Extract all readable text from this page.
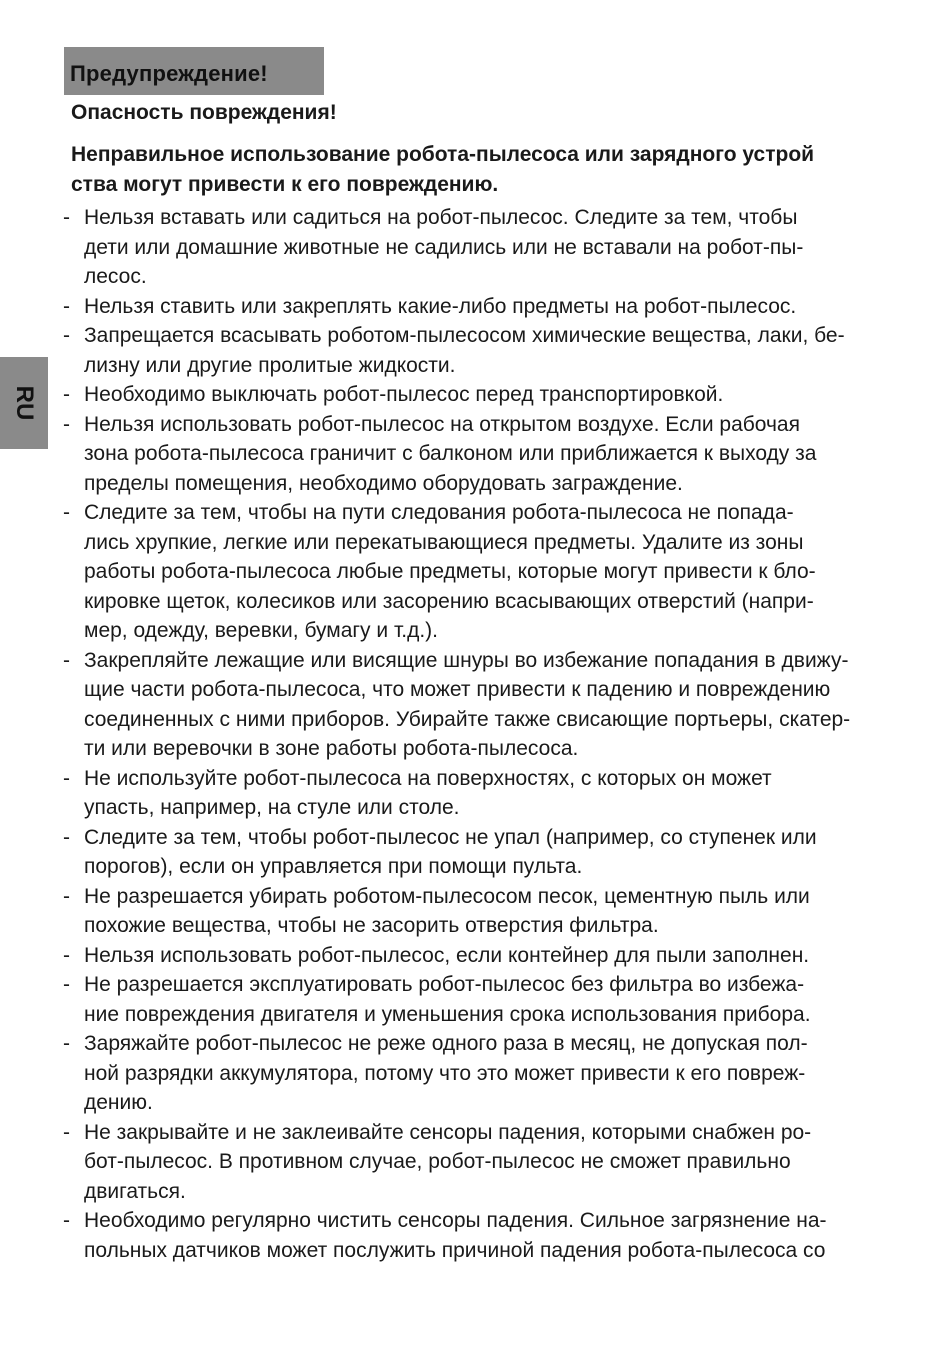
Предупреждение!
Опасность повреждения!
Неправильное использование робота-пылесоса или зарядного устрой
ства могут привести к его повреждению.
RU
- Нельзя вставать или садиться на робот-пылесос. Следите за тем, чтобы
дети или домашние животные не садились или не вставали на робот-пы-
лесос.
- Нельзя ставить или закреплять какие-либо предметы на робот-пылесос.
- Запрещается всасывать роботом-пылесосом химические вещества, лаки, бе-
лизну или другие пролитые жидкости.
- Необходимо выключать робот-пылесос перед транспортировкой.
- Нельзя использовать робот-пылесос на открытом воздухе. Если рабочая
зона робота-пылесоса граничит с балконом или приближается к выходу за
пределы помещения, необходимо оборудовать заграждение.
- Следите за тем, чтобы на пути следования робота-пылесоса не попада-
лись хрупкие, легкие или перекатывающиеся предметы. Удалите из зоны
работы робота-пылесоса любые предметы, которые могут привести к бло-
кировке щеток, колесиков или засорению всасывающих отверстий (напри-
мер, одежду, веревки, бумагу и т.д.).
- Закрепляйте лежащие или висящие шнуры во избежание попадания в движу-
щие части робота-пылесоса, что может привести к падению и повреждению
соединенных с ними приборов. Убирайте также свисающие портьеры, скатер-
ти или веревочки в зоне работы робота-пылесоса.
- Не используйте робот-пылесоса на поверхностях, с которых он может
упасть, например, на стуле или столе.
- Следите за тем, чтобы робот-пылесос не упал (например, со ступенек или
порогов), если он управляется при помощи пульта.
- Не разрешается убирать роботом-пылесосом песок, цементную пыль или
похожие вещества, чтобы не засорить отверстия фильтра.
- Нельзя использовать робот-пылесос, если контейнер для пыли заполнен.
- Не разрешается эксплуатировать робот-пылесос без фильтра во избежа-
ние повреждения двигателя и уменьшения срока использования прибора.
- Заряжайте робот-пылесос не реже одного раза в месяц, не допуская пол-
ной разрядки аккумулятора, потому что это может привести к его повреж-
дению.
- Не закрывайте и не заклеивайте сенсоры падения, которыми снабжен ро-
бот-пылесос. В противном случае, робот-пылесос не сможет правильно
двигаться.
- Необходимо регулярно чистить сенсоры падения. Сильное загрязнение на-
польных датчиков может послужить причиной падения робота-пылесоса со
